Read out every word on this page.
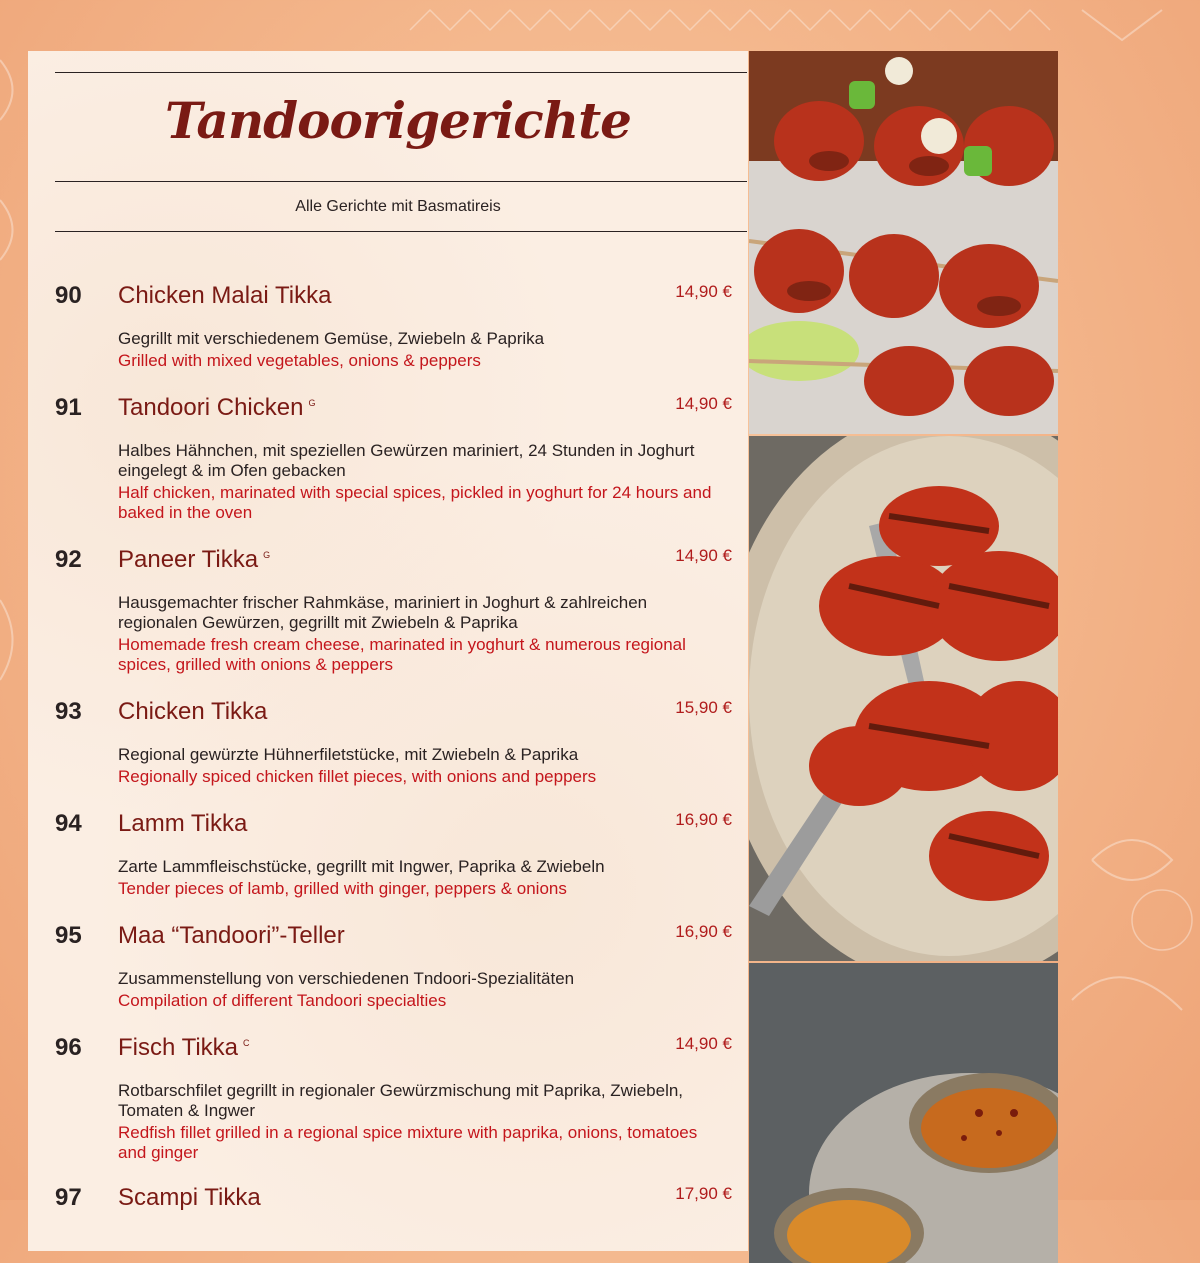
Tandoorigerichte
Alle Gerichte mit Basmatireis
90 Chicken Malai Tikka	14,90 €
Gegrillt mit verschiedenem Gemüse, Zwiebeln & Paprika
Grilled with mixed vegetables, onions & peppers
91 Tandoori Chicken $^G$	14,90 €
Halbes Hähnchen, mit speziellen Gewürzen mariniert, 24 Stunden in Joghurt eingelegt & im Ofen gebacken
Half chicken, marinated with special spices, pickled in yoghurt for 24 hours and baked in the oven
92 Paneer Tikka $^G$	14,90 €
Hausgemachter frischer Rahmkäse, mariniert in Joghurt & zahlreichen regionalen Gewürzen, gegrillt mit Zwiebeln & Paprika
Homemade fresh cream cheese, marinated in yoghurt & numerous regional spices, grilled with onions & peppers
93 Chicken Tikka	15,90 €
Regional gewürzte Hühnerfiletstücke, mit Zwiebeln & Paprika
Regionally spiced chicken fillet pieces, with onions and peppers
94 Lamm Tikka	16,90 €
Zarte Lammfleischstücke, gegrillt mit Ingwer, Paprika & Zwiebeln
Tender pieces of lamb, grilled with ginger, peppers & onions
95 Maa “Tandoori”-Teller	16,90 €
Zusammenstellung von verschiedenen Tndoori-Spezialitäten
Compilation of different Tandoori specialties
96 Fisch Tikka $^C$	14,90 €
Rotbarschfilet gegrillt in regionaler Gewürzmischung mit Paprika, Zwiebeln, Tomaten & Ingwer
Redfish fillet grilled in a regional spice mixture with paprika, onions, tomatoes and ginger
97 Scampi Tikka	17,90 €
